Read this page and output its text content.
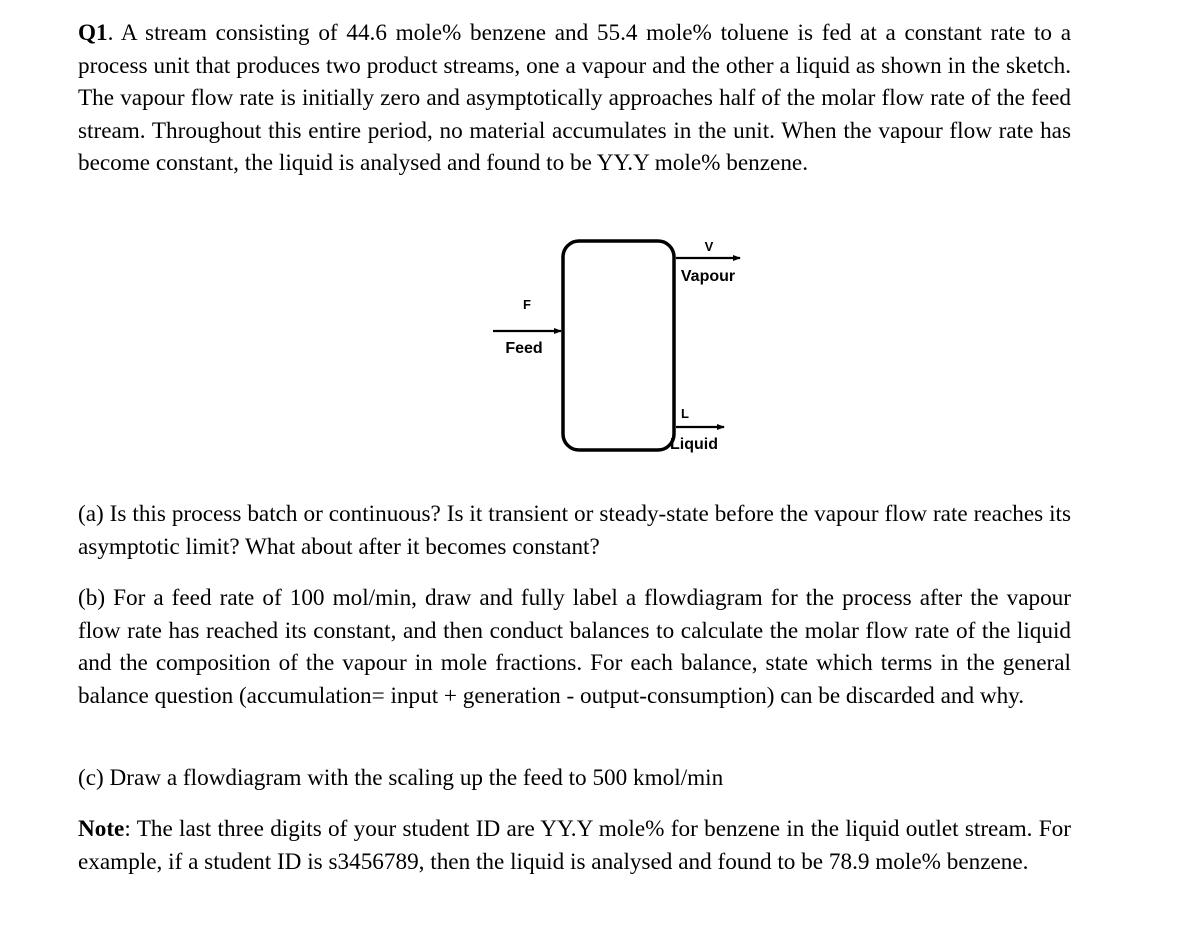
Q1. A stream consisting of 44.6 mole% benzene and 55.4 mole% toluene is fed at a constant rate to a process unit that produces two product streams, one a vapour and the other a liquid as shown in the sketch. The vapour flow rate is initially zero and asymptotically approaches half of the molar flow rate of the feed stream. Throughout this entire period, no material accumulates in the unit. When the vapour flow rate has become constant, the liquid is analysed and found to be YY.Y mole% benzene.

F
Feed
V
Vapour
L
Liquid

(a) Is this process batch or continuous? Is it transient or steady-state before the vapour flow rate reaches its asymptotic limit? What about after it becomes constant?

(b) For a feed rate of 100 mol/min, draw and fully label a flowdiagram for the process after the vapour flow rate has reached its constant, and then conduct balances to calculate the molar flow rate of the liquid and the composition of the vapour in mole fractions. For each balance, state which terms in the general balance question (accumulation= input + generation - output-consumption) can be discarded and why.

(c) Draw a flowdiagram with the scaling up the feed to 500 kmol/min

Note: The last three digits of your student ID are YY.Y mole% for benzene in the liquid outlet stream. For example, if a student ID is s3456789, then the liquid is analysed and found to be 78.9 mole% benzene.
